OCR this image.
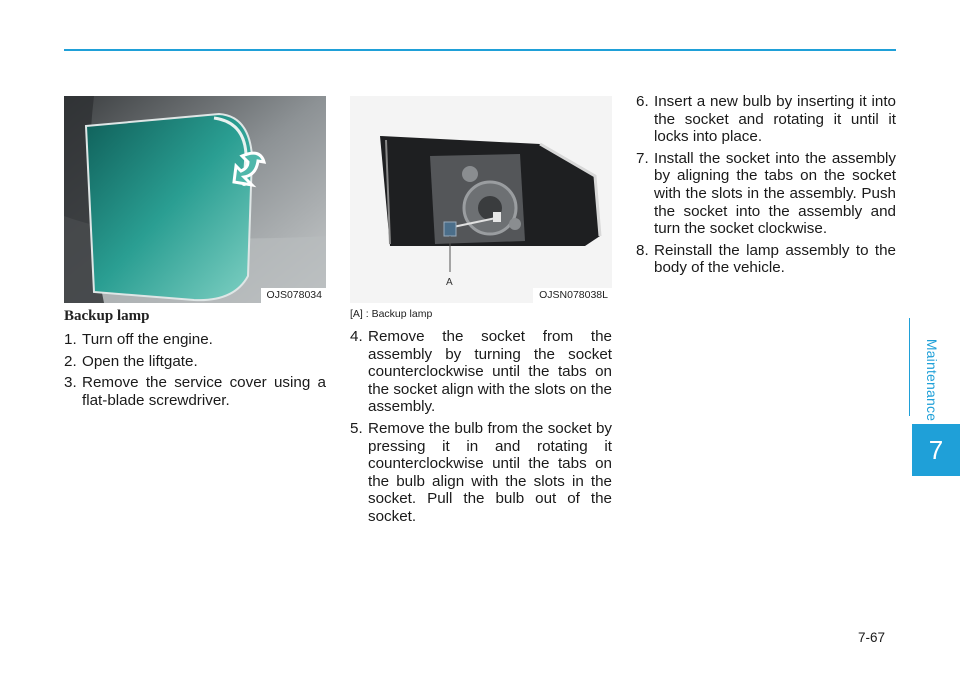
Maintenance
7
OJS078034
A
OJSN078038L
[A] : Backup lamp
Backup lamp
1. Turn off the engine.
2. Open the liftgate.
3. Remove the service cover using a flat-blade screwdriver.
4. Remove the socket from the assembly by turning the socket counterclockwise until the tabs on the socket align with the slots on the assembly.
5. Remove the bulb from the socket by pressing it in and rotating it counterclockwise until the tabs on the bulb align with the slots in the socket. Pull the bulb out of the socket.
6. Insert a new bulb by inserting it into the socket and rotating it until it locks into place.
7. Install the socket into the assembly by aligning the tabs on the socket with the slots in the assembly. Push the socket into the assembly and turn the socket clockwise.
8. Reinstall the lamp assembly to the body of the vehicle.
7-67
